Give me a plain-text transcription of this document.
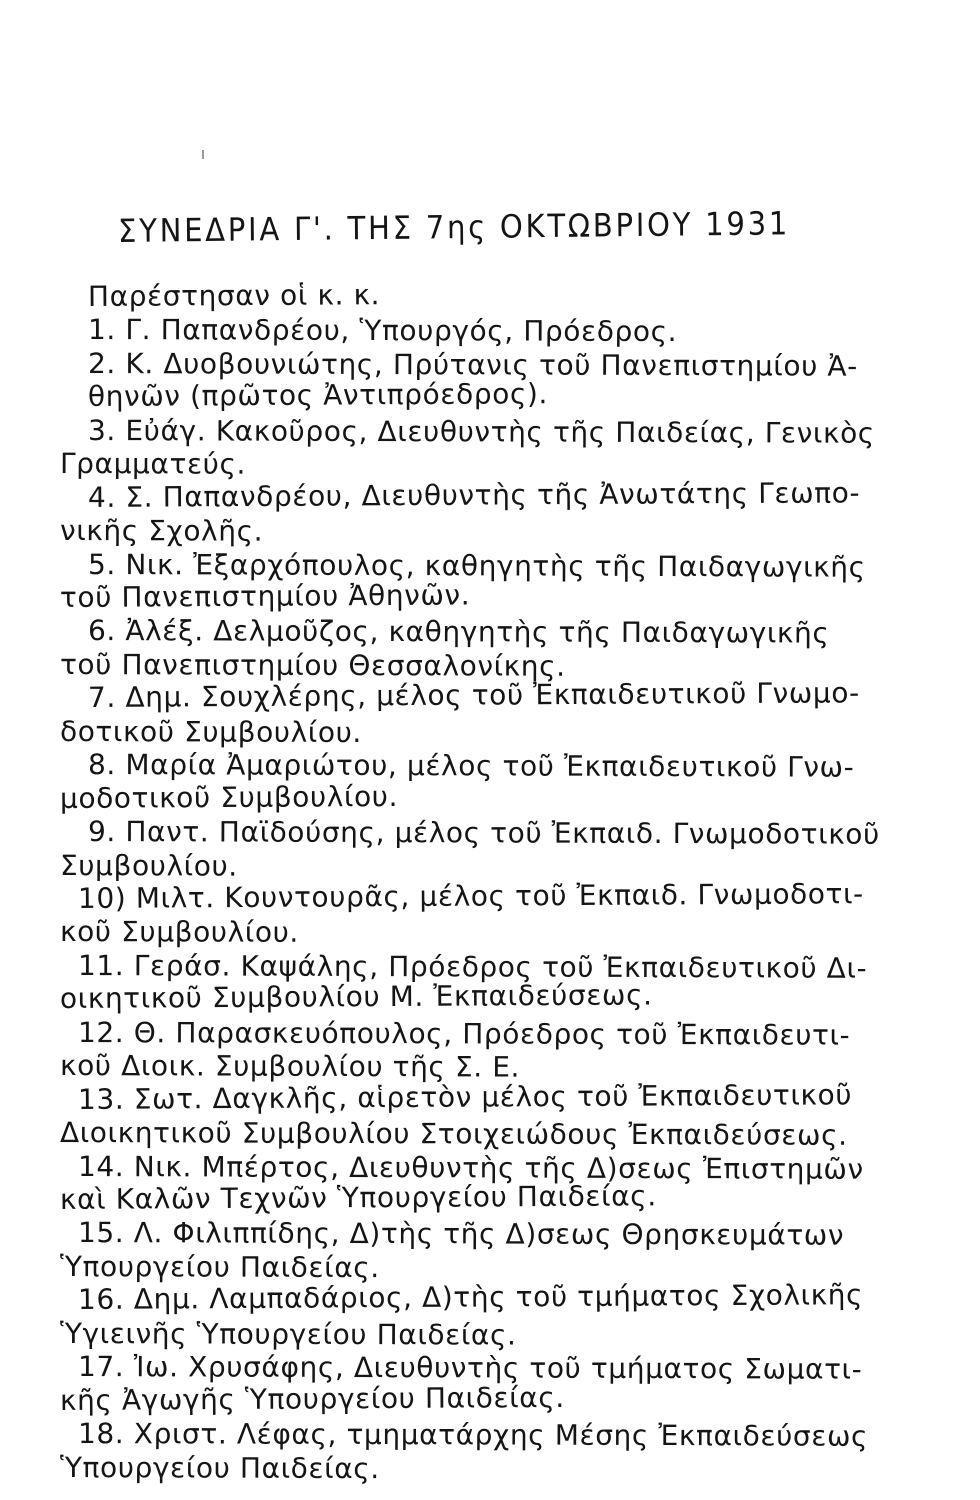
ΣΥΝΕΔΡΙΑ Γ'. ΤΗΣ 7ης ΟΚΤΩΒΡΙΟΥ 1931
Παρέστησαν οἱ κ. κ.
1. Γ. Παπανδρέου, Ὑπουργός, Πρόεδρος.
2. Κ. Δυοβουνιώτης, Πρύτανις τοῦ Πανεπιστημίου Ἀ-
θηνῶν (πρῶτος Ἀντιπρόεδρος).
3. Εὐάγ. Κακοῦρος, Διευθυντὴς τῆς Παιδείας, Γενικὸς
Γραμματεύς.
4. Σ. Παπανδρέου, Διευθυντὴς τῆς Ἀνωτάτης Γεωπο-
νικῆς Σχολῆς.
5. Νικ. Ἐξαρχόπουλος, καθηγητὴς τῆς Παιδαγωγικῆς
τοῦ Πανεπιστημίου Ἀθηνῶν.
6. Ἀλέξ. Δελμοῦζος, καθηγητὴς τῆς Παιδαγωγικῆς
τοῦ Πανεπιστημίου Θεσσαλονίκης.
7. Δημ. Σουχλέρης, μέλος τοῦ Ἐκπαιδευτικοῦ Γνωμο-
δοτικοῦ Συμβουλίου.
8. Μαρία Ἀμαριώτου, μέλος τοῦ Ἐκπαιδευτικοῦ Γνω-
μοδοτικοῦ Συμβουλίου.
9. Παντ. Παϊδούσης, μέλος τοῦ Ἐκπαιδ. Γνωμοδοτικοῦ
Συμβουλίου.
10) Μιλτ. Κουντουρᾶς, μέλος τοῦ Ἐκπαιδ. Γνωμοδοτι-
κοῦ Συμβουλίου.
11. Γεράσ. Καψάλης, Πρόεδρος τοῦ Ἐκπαιδευτικοῦ Δι-
οικητικοῦ Συμβουλίου Μ. Ἐκπαιδεύσεως.
12. Θ. Παρασκευόπουλος, Πρόεδρος τοῦ Ἐκπαιδευτι-
κοῦ Διοικ. Συμβουλίου τῆς Σ. Ε.
13. Σωτ. Δαγκλῆς, αἱρετὸν μέλος τοῦ Ἐκπαιδευτικοῦ
Διοικητικοῦ Συμβουλίου Στοιχειώδους Ἐκπαιδεύσεως.
14. Νικ. Μπέρτος, Διευθυντὴς τῆς Δ)σεως Ἐπιστημῶν
καὶ Καλῶν Τεχνῶν Ὑπουργείου Παιδείας.
15. Λ. Φιλιππίδης, Δ)τὴς τῆς Δ)σεως Θρησκευμάτων
Ὑπουργείου Παιδείας.
16. Δημ. Λαμπαδάριος, Δ)τὴς τοῦ τμήματος Σχολικῆς
Ὑγιεινῆς Ὑπουργείου Παιδείας.
17. Ἰω. Χρυσάφης, Διευθυντὴς τοῦ τμήματος Σωματι-
κῆς Ἀγωγῆς Ὑπουργείου Παιδείας.
18. Χριστ. Λέφας, τμηματάρχης Μέσης Ἐκπαιδεύσεως
Ὑπουργείου Παιδείας.
